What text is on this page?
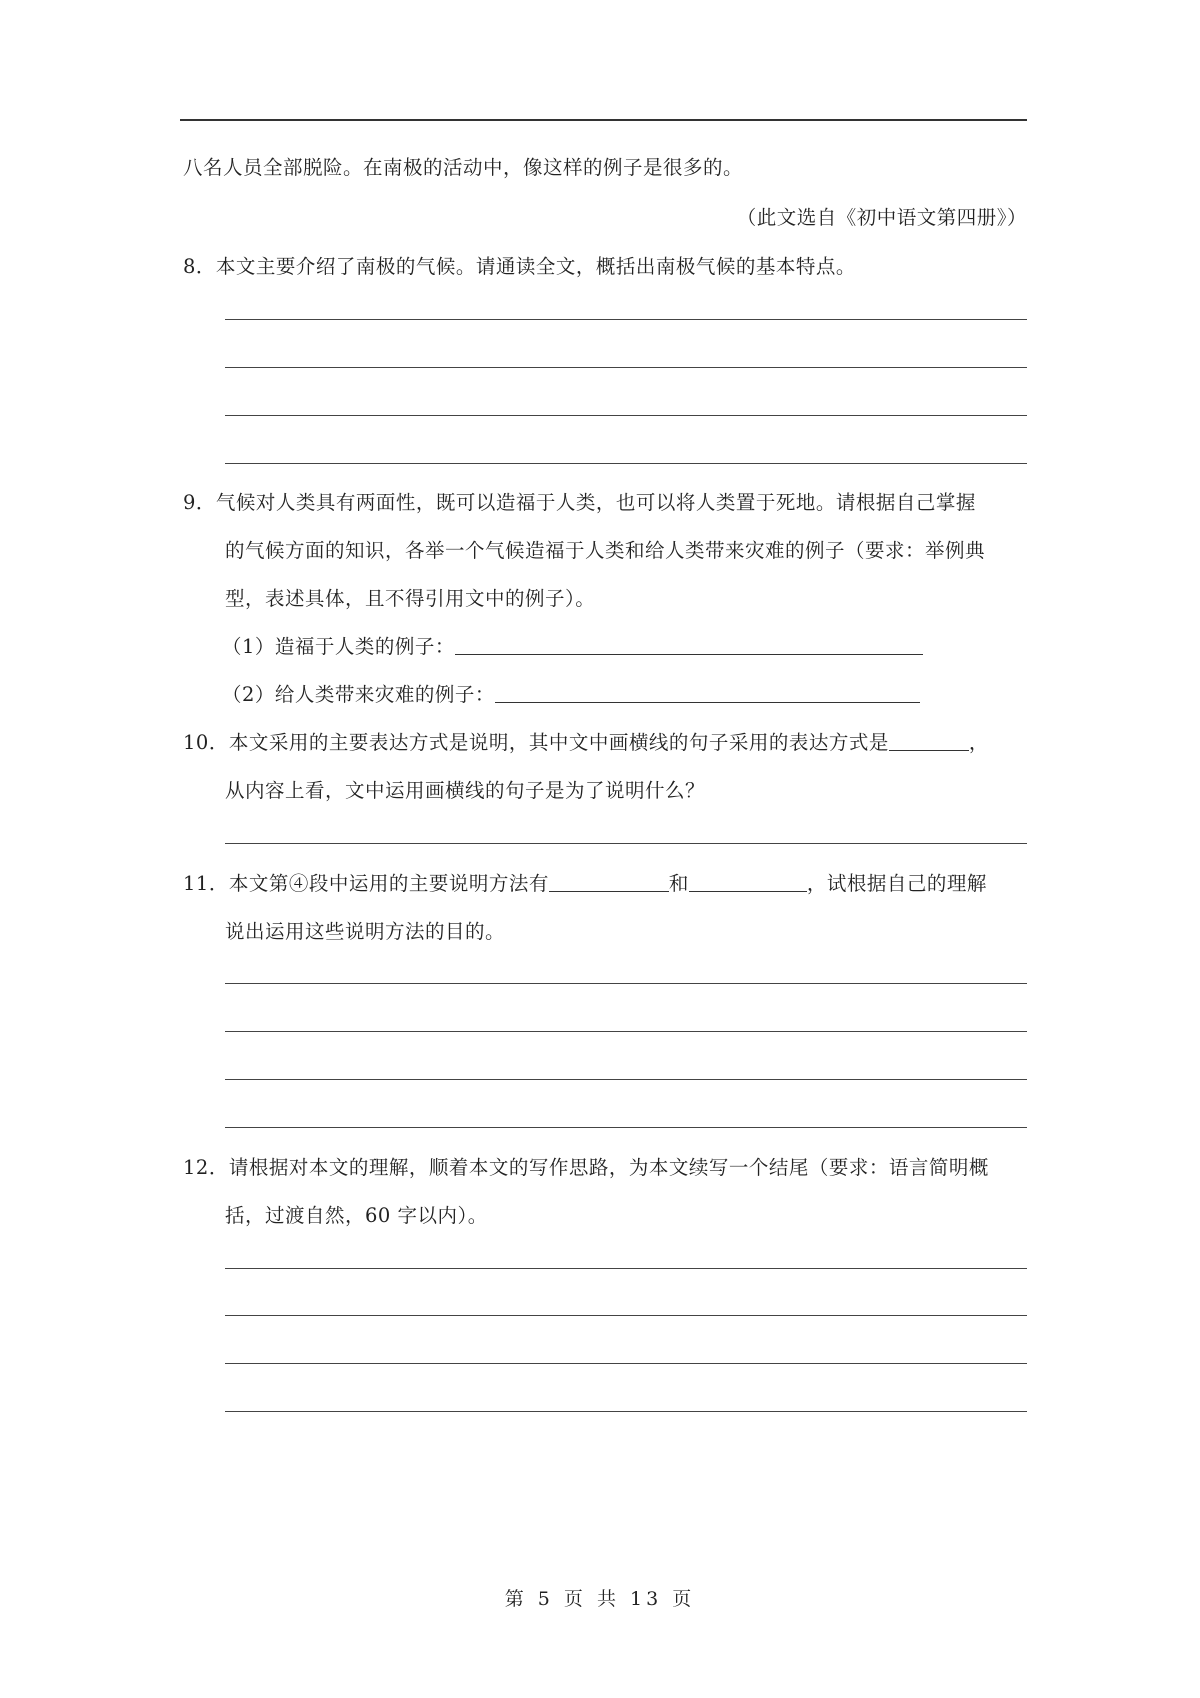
八名人员全部脱险。在南极的活动中，像这样的例子是很多的。
（此文选自《初中语文第四册》）
8．本文主要介绍了南极的气候。请通读全文，概括出南极气候的基本特点。
9．气候对人类具有两面性，既可以造福于人类，也可以将人类置于死地。请根据自己掌握
的气候方面的知识，各举一个气候造福于人类和给人类带来灾难的例子（要求：举例典
型，表述具体，且不得引用文中的例子）。
（1）造福于人类的例子：
（2）给人类带来灾难的例子：
10．本文采用的主要表达方式是说明，其中文中画横线的句子采用的表达方式是	，
从内容上看，文中运用画横线的句子是为了说明什么？
11．本文第④段中运用的主要说明方法有	和	，试根据自己的理解
说出运用这些说明方法的目的。
12．请根据对本文的理解，顺着本文的写作思路，为本文续写一个结尾（要求：语言简明概
括，过渡自然，60 字以内）。
第 5 页 共 13 页
